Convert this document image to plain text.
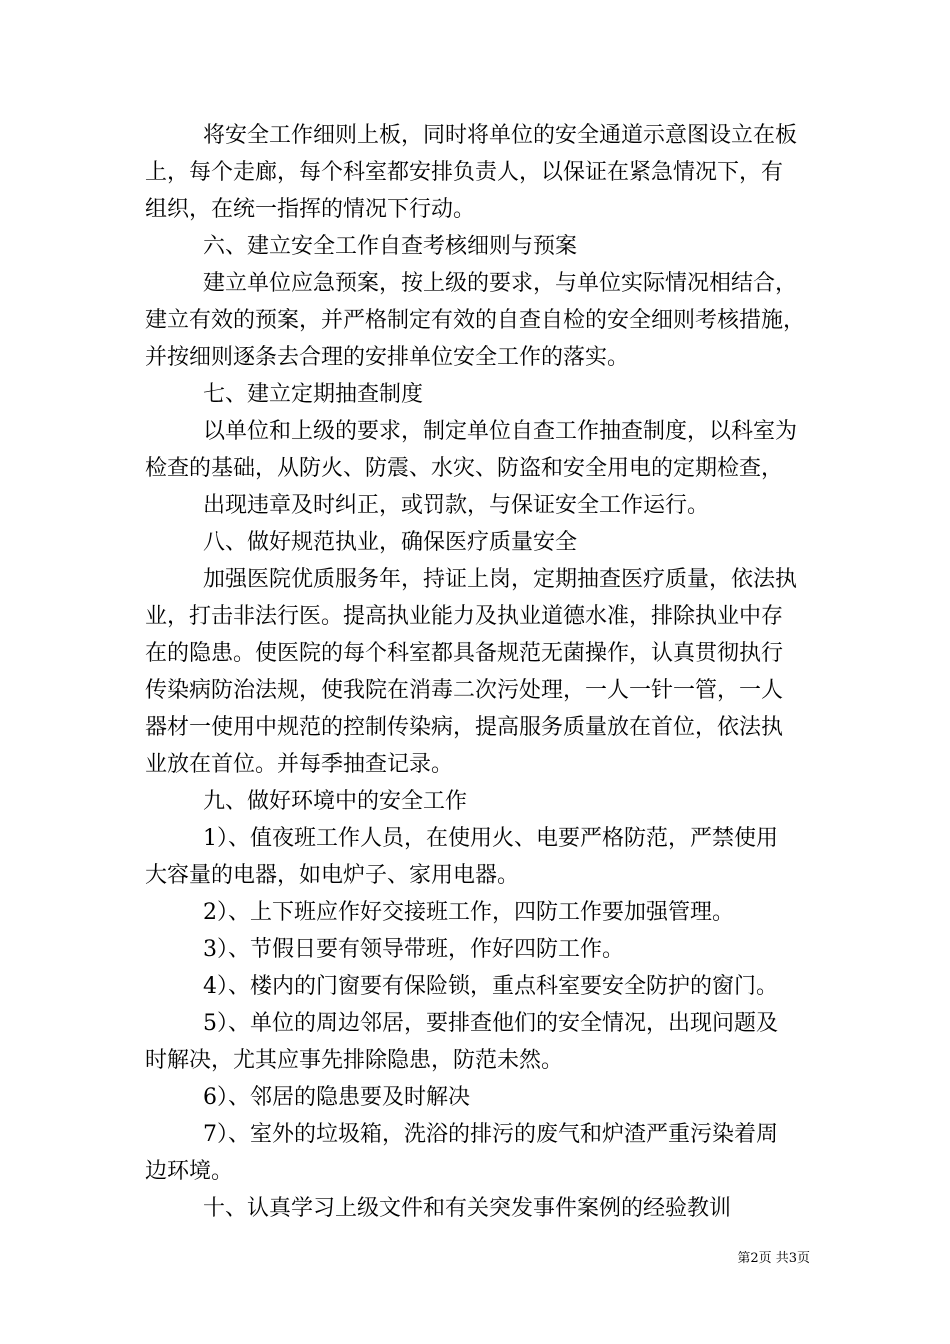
将安全工作细则上板，同时将单位的安全通道示意图设立在板
上，每个走廊，每个科室都安排负责人，以保证在紧急情况下，有
组织，在统一指挥的情况下行动。

六、建立安全工作自查考核细则与预案

建立单位应急预案，按上级的要求，与单位实际情况相结合，
建立有效的预案，并严格制定有效的自查自检的安全细则考核措施，
并按细则逐条去合理的安排单位安全工作的落实。

七、建立定期抽查制度

以单位和上级的要求，制定单位自查工作抽查制度，以科室为
检查的基础，从防火、防震、水灾、防盗和安全用电的定期检查，

出现违章及时纠正，或罚款，与保证安全工作运行。

八、做好规范执业，确保医疗质量安全

加强医院优质服务年，持证上岗，定期抽查医疗质量，依法执
业，打击非法行医。提高执业能力及执业道德水准，排除执业中存
在的隐患。使医院的每个科室都具备规范无菌操作，认真贯彻执行
传染病防治法规，使我院在消毒二次污处理，一人一针一管，一人
器材一使用中规范的控制传染病，提高服务质量放在首位，依法执
业放在首位。并每季抽查记录。

九、做好环境中的安全工作

1）、值夜班工作人员，在使用火、电要严格防范，严禁使用
大容量的电器，如电炉子、家用电器。

2）、上下班应作好交接班工作，四防工作要加强管理。

3）、节假日要有领导带班，作好四防工作。

4）、楼内的门窗要有保险锁，重点科室要安全防护的窗门。

5）、单位的周边邻居，要排查他们的安全情况，出现问题及
时解决，尤其应事先排除隐患，防范未然。

6）、邻居的隐患要及时解决

7）、室外的垃圾箱，洗浴的排污的废气和炉渣严重污染着周
边环境。

十、认真学习上级文件和有关突发事件案例的经验教训

第2页 共3页
